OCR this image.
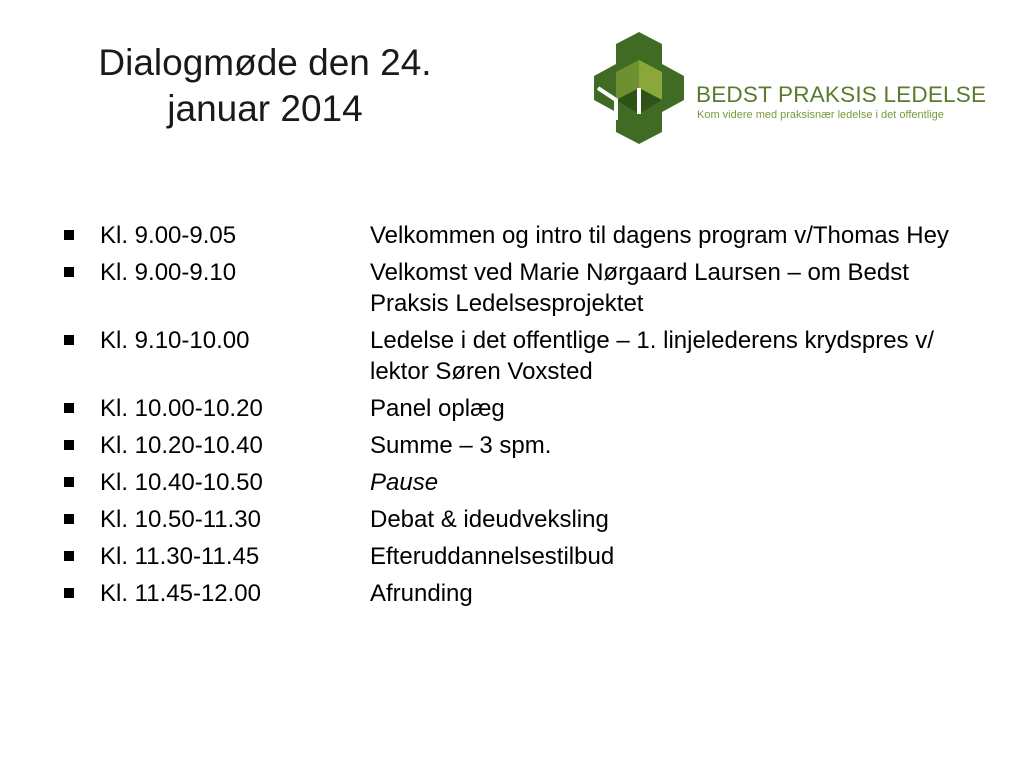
Dialogmøde den 24.
januar 2014	BEDST PRAKSIS LEDELSE
Kom videre med praksisnær ledelse i det offentlige
Kl. 9.00-9.05	Velkommen og intro til dagens program v/Thomas Hey
Kl. 9.00-9.10	Velkomst ved Marie Nørgaard Laursen – om Bedst Praksis Ledelsesprojektet
Kl. 9.10-10.00	Ledelse i det offentlige – 1. linjelederens krydspres v/ lektor Søren Voxsted
Kl. 10.00-10.20	Panel oplæg
Kl. 10.20-10.40	Summe – 3 spm.
Kl. 10.40-10.50	Pause
Kl. 10.50-11.30	Debat & ideudveksling
Kl. 11.30-11.45	Efteruddannelsestilbud
Kl. 11.45-12.00	Afrunding
